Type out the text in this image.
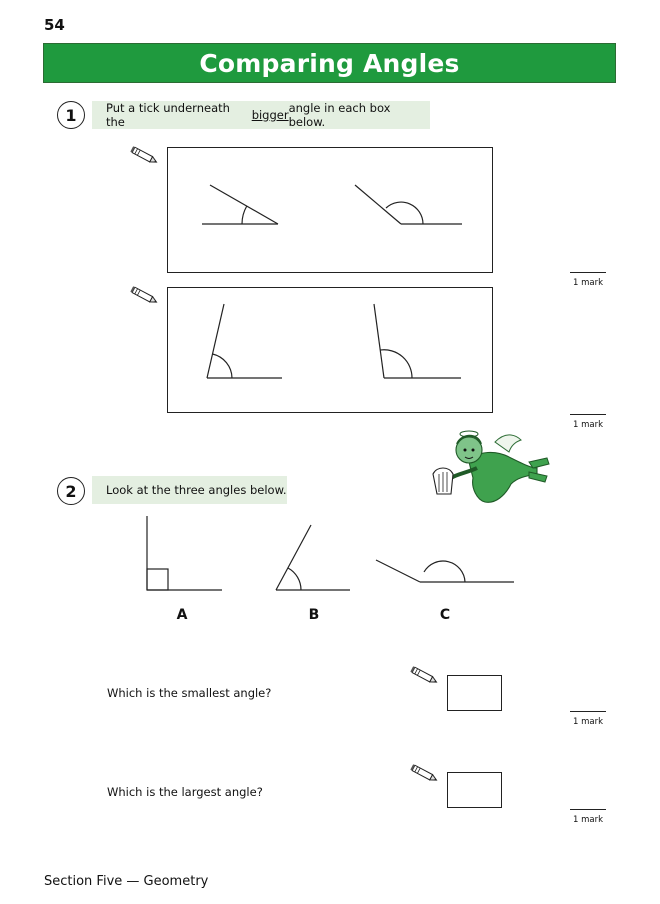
54
Comparing Angles
1	Put a tick underneath the	bigger angle in each box below.
1 mark
1 mark
2	Look at the three angles below.
A	B	C
Which is the smallest angle?
1 mark
Which is the largest angle?
1 mark
Section Five — Geometry
